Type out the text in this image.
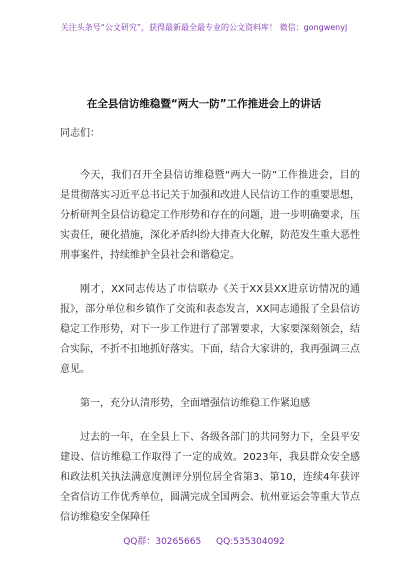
关注头条号“公文研究”，获得最新最全最专业的公文资料库！ 微信：gongwenyj
在全县信访维稳暨“两大一防”工作推进会上的讲话

同志们：

今天，我们召开全县信访维稳暨“两大一防”工作推进会，目的是贯彻落实习近平总书记关于加强和改进人民信访工作的重要思想，分析研判全县信访稳定工作形势和存在的问题，进一步明确要求，压实责任，硬化措施，深化矛盾纠纷大排查大化解，防范发生重大恶性刑事案件，持续维护全县社会和谐稳定。

刚才，XX同志传达了市信联办《关于XX县XX进京访情况的通报》，部分单位和乡镇作了交流和表态发言，XX同志通报了全县信访稳定工作形势，对下一步工作进行了部署要求，大家要深刻领会，结合实际，不折不扣地抓好落实。下面，结合大家讲的，我再强调三点意见。

第一，充分认清形势，全面增强信访维稳工作紧迫感

过去的一年，在全县上下、各级各部门的共同努力下，全县平安建设、信访维稳工作取得了一定的成效。2023年，我县群众安全感和政法机关执法满意度测评分别位居全省第3、第10，连续4年获评全省信访工作优秀单位，圆满完成全国两会、杭州亚运会等重大节点信访维稳安全保障任

QQ群：30265665 QQ:535304092
